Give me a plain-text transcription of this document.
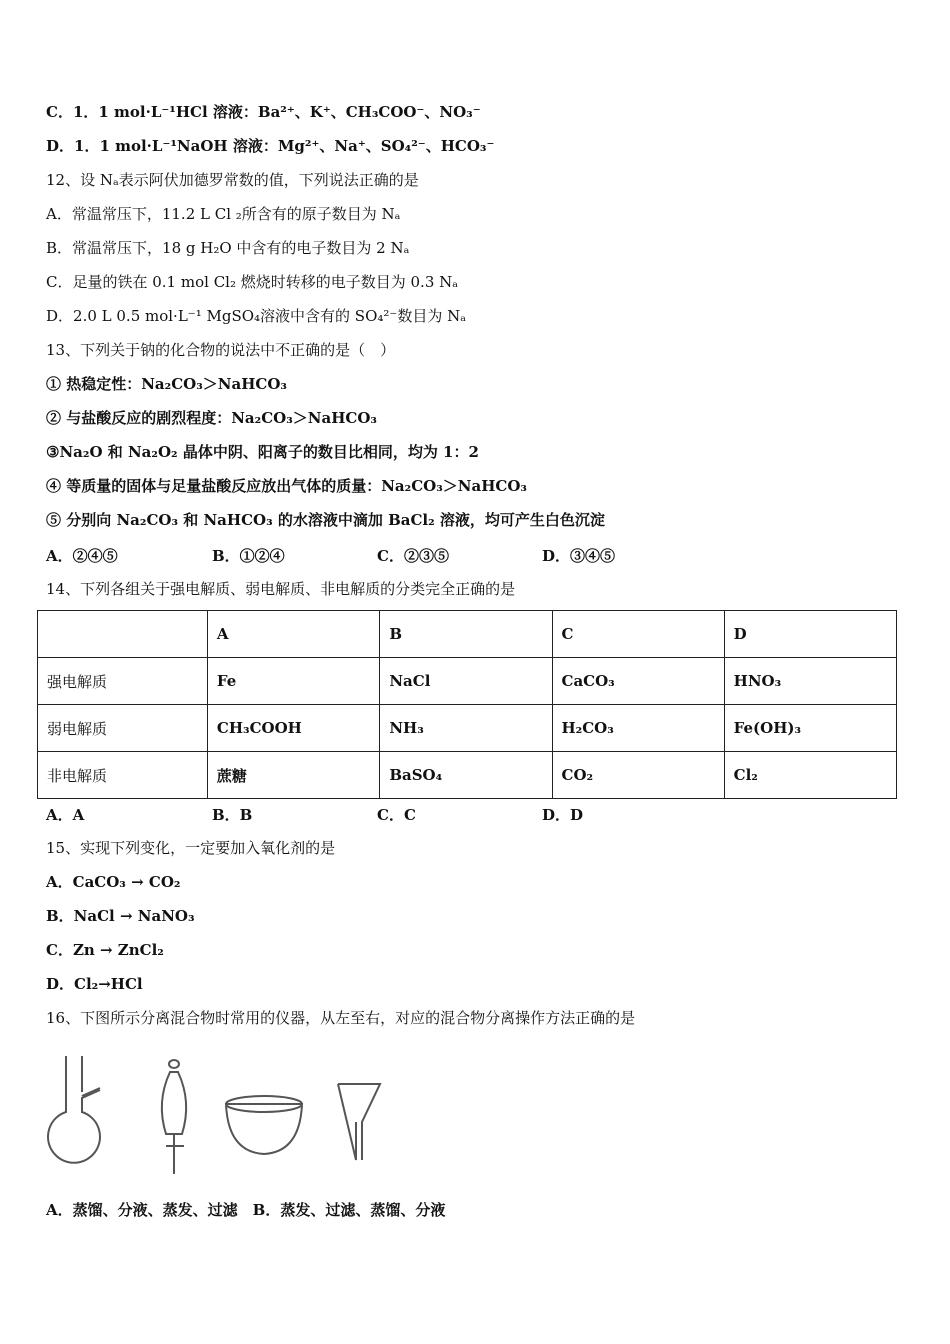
C．1．1 mol·L⁻¹HCl 溶液：Ba²⁺、K⁺、CH₃COO⁻、NO₃⁻
D．1．1 mol·L⁻¹NaOH 溶液：Mg²⁺、Na⁺、SO₄²⁻、HCO₃⁻
12、设 Nₐ表示阿伏加德罗常数的值，下列说法正确的是
A．常温常压下，11.2 L Cl ₂所含有的原子数目为 Nₐ
B．常温常压下，18 g H₂O 中含有的电子数目为 2 Nₐ
C．足量的铁在 0.1 mol Cl₂ 燃烧时转移的电子数目为 0.3 Nₐ
D．2.0 L 0.5 mol·L⁻¹ MgSO₄溶液中含有的 SO₄²⁻数目为 Nₐ
13、下列关于钠的化合物的说法中不正确的是（　）
① 热稳定性：Na₂CO₃＞NaHCO₃
② 与盐酸反应的剧烈程度：Na₂CO₃＞NaHCO₃
③Na₂O 和 Na₂O₂ 晶体中阴、阳离子的数目比相同，均为 1：2
④ 等质量的固体与足量盐酸反应放出气体的质量：Na₂CO₃＞NaHCO₃
⑤ 分别向 Na₂CO₃ 和 NaHCO₃ 的水溶液中滴加 BaCl₂ 溶液，均可产生白色沉淀
A．②④⑤	B．①②④	C．②③⑤	D．③④⑤
14、下列各组关于强电解质、弱电解质、非电解质的分类完全正确的是
	A	B	C	D
强电解质	Fe	NaCl	CaCO₃	HNO₃
弱电解质	CH₃COOH	NH₃	H₂CO₃	Fe(OH)₃
非电解质	蔗糖	BaSO₄	CO₂	Cl₂
A．A	B．B	C．C	D．D
15、实现下列变化，一定要加入氧化剂的是
A．CaCO₃ → CO₂
B．NaCl → NaNO₃
C．Zn → ZnCl₂
D．Cl₂→HCl
16、下图所示分离混合物时常用的仪器，从左至右，对应的混合物分离操作方法正确的是
A．蒸馏、分液、蒸发、过滤　B．蒸发、过滤、蒸馏、分液
